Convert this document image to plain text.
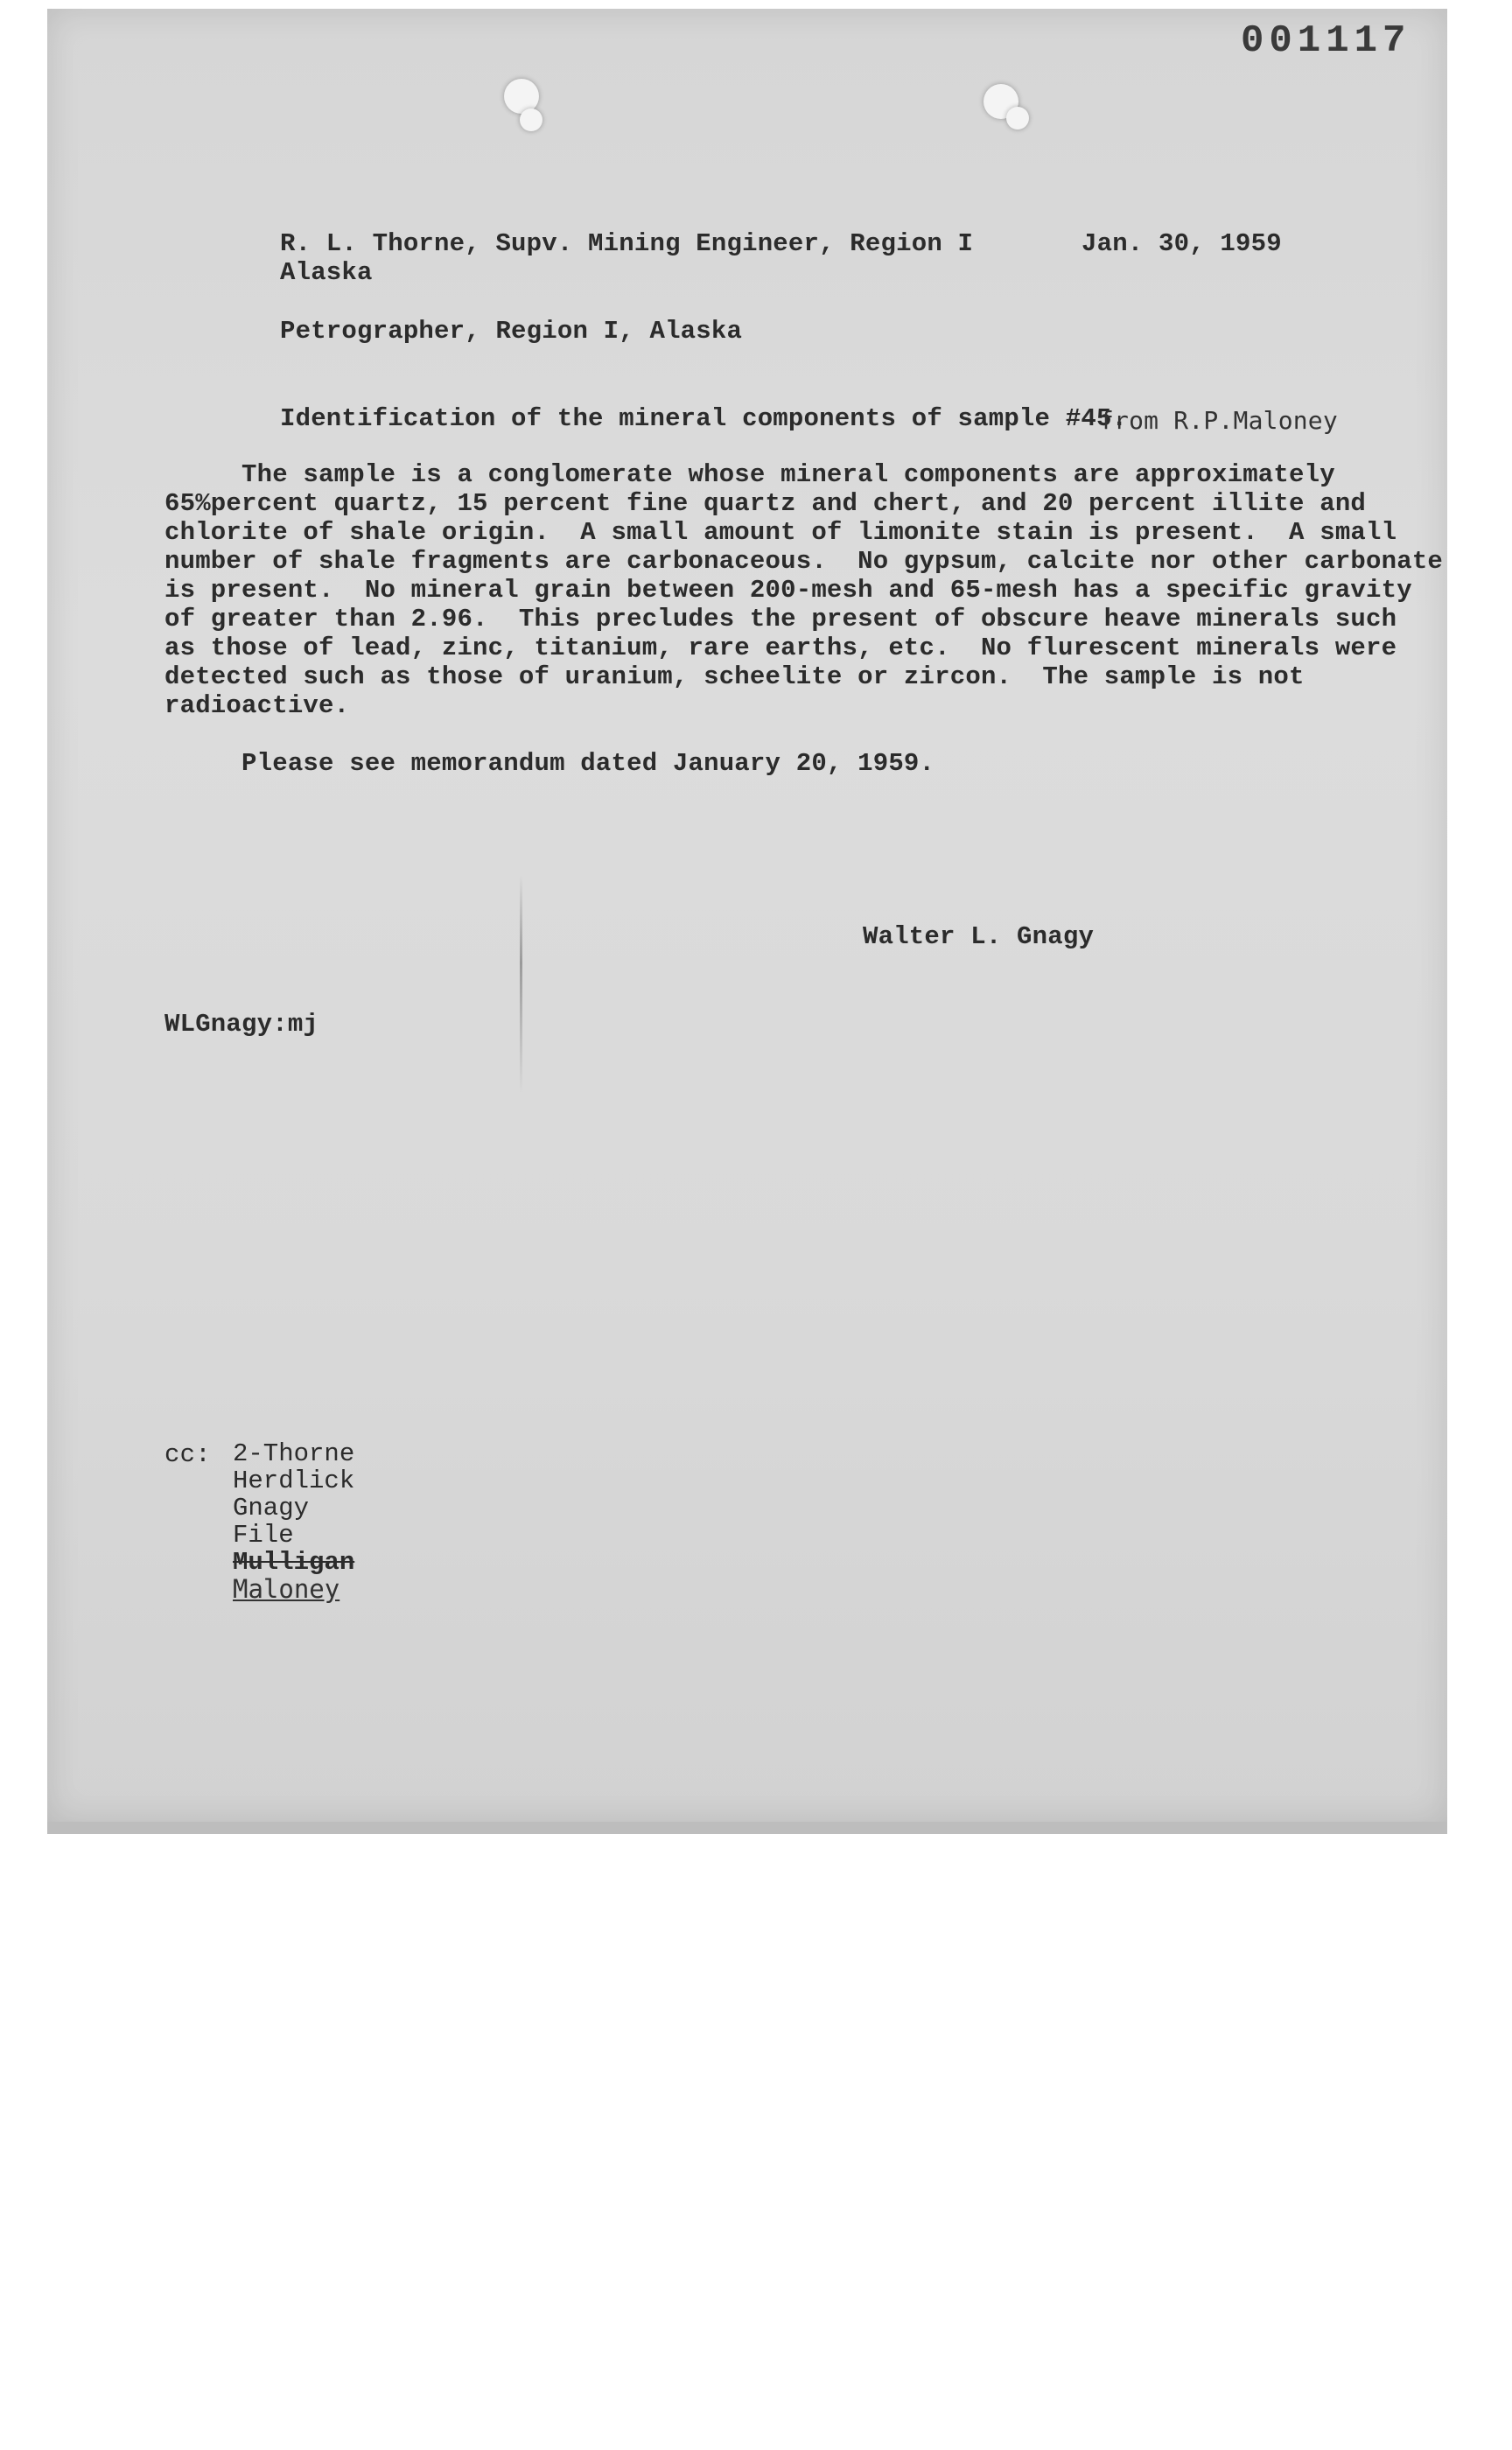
001117
R. L. Thorne, Supv. Mining Engineer, Region I
Alaska
Jan. 30, 1959
Petrographer, Region I, Alaska
Identification of the mineral components of sample #45.
from R.P.Maloney
The sample is a conglomerate whose mineral components are approximately
65%percent quartz, 15 percent fine quartz and chert, and 20 percent illite and
chlorite of shale origin.  A small amount of limonite stain is present.  A small
number of shale fragments are carbonaceous.  No gypsum, calcite nor other carbonate
is present.  No mineral grain between 200-mesh and 65-mesh has a specific gravity
of greater than 2.96.  This precludes the present of obscure heave minerals such
as those of lead, zinc, titanium, rare earths, etc.  No flurescent minerals were
detected such as those of uranium, scheelite or zircon.  The sample is not
radioactive.
Please see memorandum dated January 20, 1959.
Walter L. Gnagy
WLGnagy:mj
cc: 2-Thorne
Herdlick
Gnagy
File
Mulligan
Maloney
